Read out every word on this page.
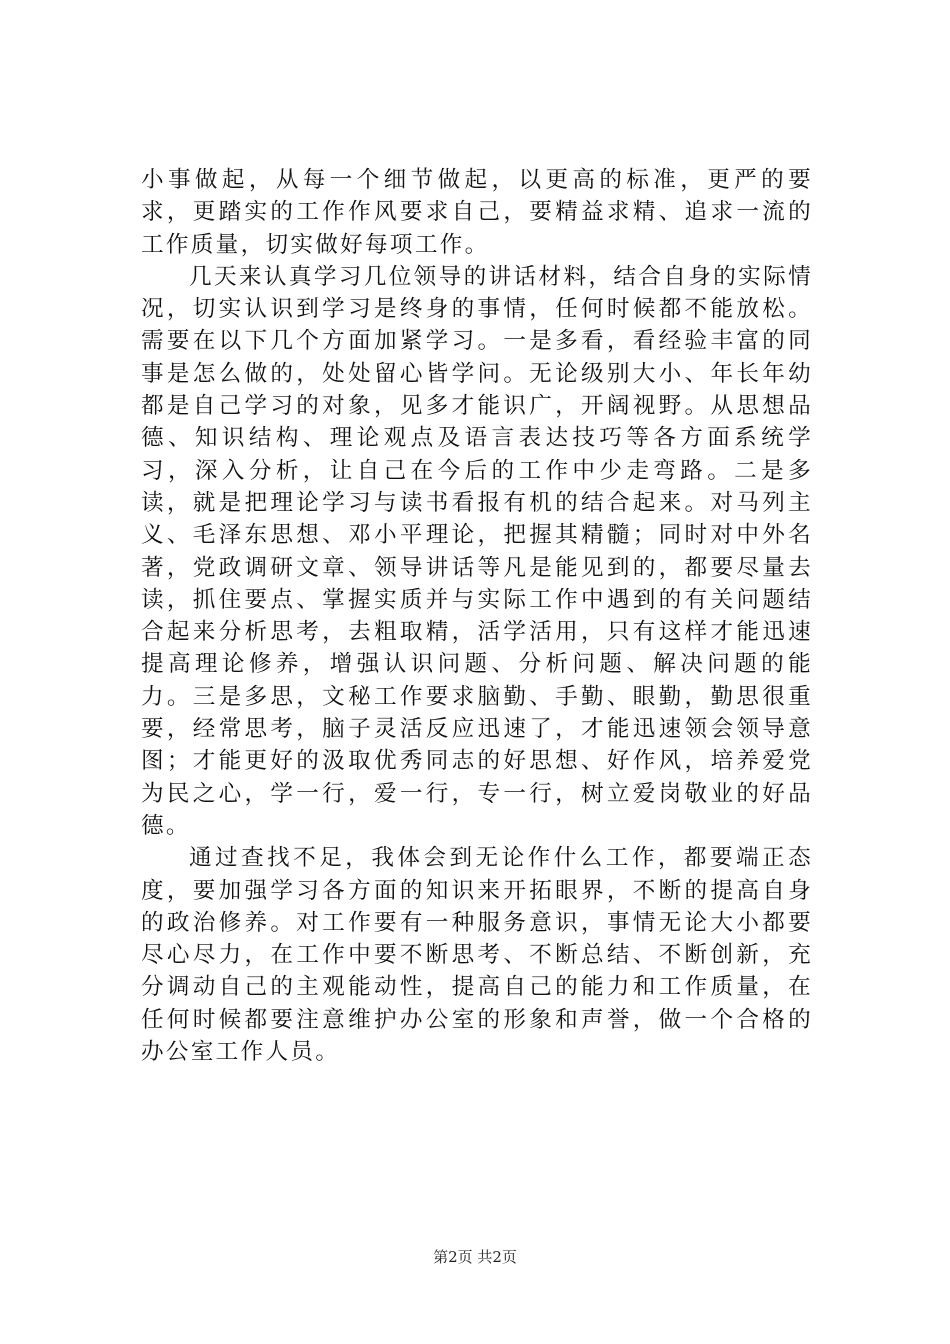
小事做起，从每一个细节做起，以更高的标准，更严的要求，更踏实的工作作风要求自己，要精益求精、追求一流的工作质量，切实做好每项工作。

几天来认真学习几位领导的讲话材料，结合自身的实际情况，切实认识到学习是终身的事情，任何时候都不能放松。需要在以下几个方面加紧学习。一是多看，看经验丰富的同事是怎么做的，处处留心皆学问。无论级别大小、年长年幼都是自己学习的对象，见多才能识广，开阔视野。从思想品德、知识结构、理论观点及语言表达技巧等各方面系统学习，深入分析，让自己在今后的工作中少走弯路。二是多读，就是把理论学习与读书看报有机的结合起来。对马列主义、毛泽东思想、邓小平理论，把握其精髓；同时对中外名著，党政调研文章、领导讲话等凡是能见到的，都要尽量去读，抓住要点、掌握实质并与实际工作中遇到的有关问题结合起来分析思考，去粗取精，活学活用，只有这样才能迅速提高理论修养，增强认识问题、分析问题、解决问题的能力。三是多思，文秘工作要求脑勤、手勤、眼勤，勤思很重要，经常思考，脑子灵活反应迅速了，才能迅速领会领导意图；才能更好的汲取优秀同志的好思想、好作风，培养爱党为民之心，学一行，爱一行，专一行，树立爱岗敬业的好品德。

通过查找不足，我体会到无论作什么工作，都要端正态度，要加强学习各方面的知识来开拓眼界，不断的提高自身的政治修养。对工作要有一种服务意识，事情无论大小都要尽心尽力，在工作中要不断思考、不断总结、不断创新，充分调动自己的主观能动性，提高自己的能力和工作质量，在任何时候都要注意维护办公室的形象和声誉，做一个合格的办公室工作人员。

第2页 共2页
